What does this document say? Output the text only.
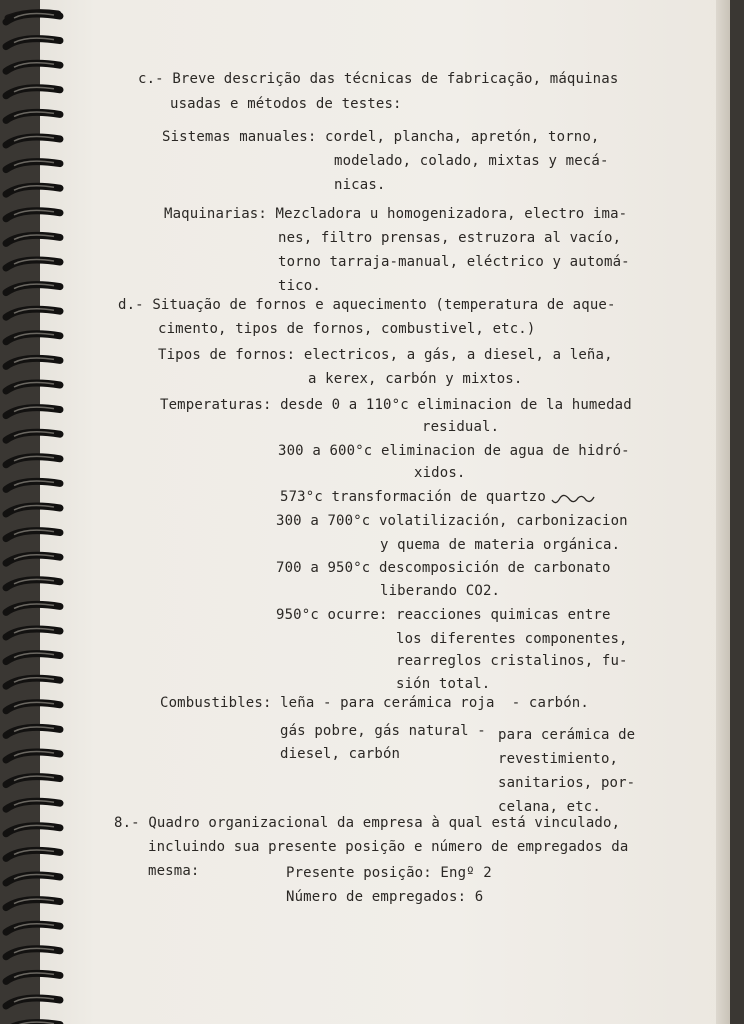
c.- Breve descrição das técnicas de fabricação, máquinas
usadas e métodos de testes:
Sistemas manuales: cordel, plancha, apretón, torno,
modelado, colado, mixtas y mecá-
nicas.
Maquinarias: Mezcladora u homogenizadora, electro ima-
nes, filtro prensas, estruzora al vacío,
torno tarraja-manual, eléctrico y automá-
tico.
d.- Situação de fornos e aquecimento (temperatura de aque-
cimento, tipos de fornos, combustivel, etc.)
Tipos de fornos: electricos, a gás, a diesel, a leña,
a kerex, carbón y mixtos.
Temperaturas: desde 0 a 110°c eliminacion de la humedad
residual.
300 a 600°c eliminacion de agua de hidró-
xidos.
573°c transformación de quartzo
300 a 700°c volatilización, carbonizacion
y quema de materia orgánica.
700 a 950°c descomposición de carbonato
liberando CO2.
950°c ocurre: reacciones quimicas entre
los diferentes componentes,
rearreglos cristalinos, fu-
sión total.
Combustibles: leña - para cerámica roja  - carbón.
gás pobre, gás natural -
diesel, carbón
para cerámica de
revestimiento,
sanitarios, por-
celana, etc.
8.- Quadro organizacional da empresa à qual está vinculado,
incluindo sua presente posição e número de empregados da
mesma:	Presente posição: Engº 2
Número de empregados: 6
